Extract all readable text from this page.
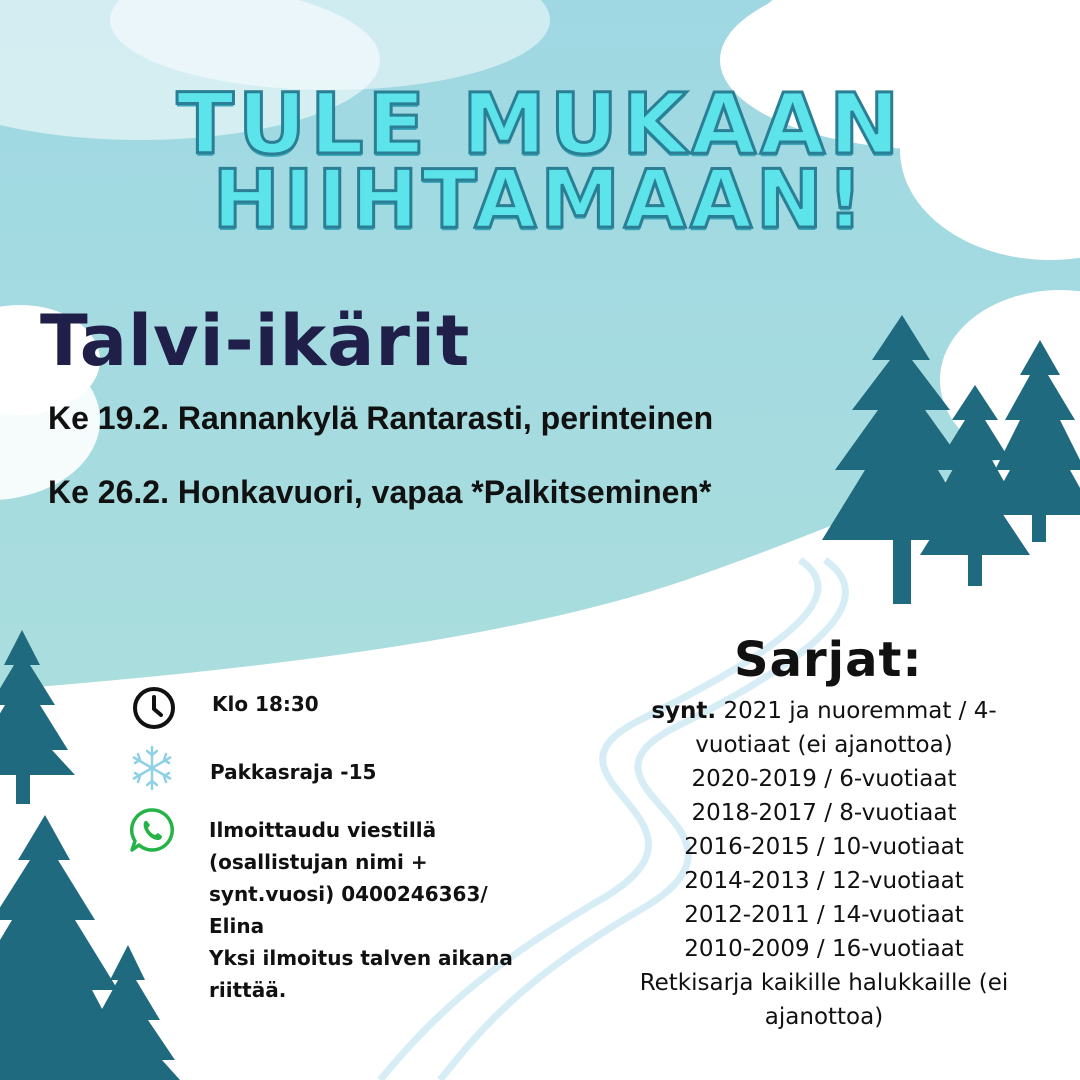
TULE MUKAAN
HIIHTAMAAN!
Talvi-ikärit
Ke 19.2. Rannankylä Rantarasti, perinteinen
Ke 26.2. Honkavuori, vapaa *Palkitseminen*
Klo 18:30
Pakkasraja -15
Ilmoittaudu viestillä
(osallistujan nimi +
synt.vuosi) 0400246363/
Elina
Yksi ilmoitus talven aikana
riittää.
Sarjat:
synt. 2021 ja nuoremmat / 4-
vuotiaat (ei ajanottoa)
2020-2019 / 6-vuotiaat
2018-2017 / 8-vuotiaat
2016-2015 / 10-vuotiaat
2014-2013 / 12-vuotiaat
2012-2011 / 14-vuotiaat
2010-2009 / 16-vuotiaat
Retkisarja kaikille halukkaille (ei
ajanottoa)
